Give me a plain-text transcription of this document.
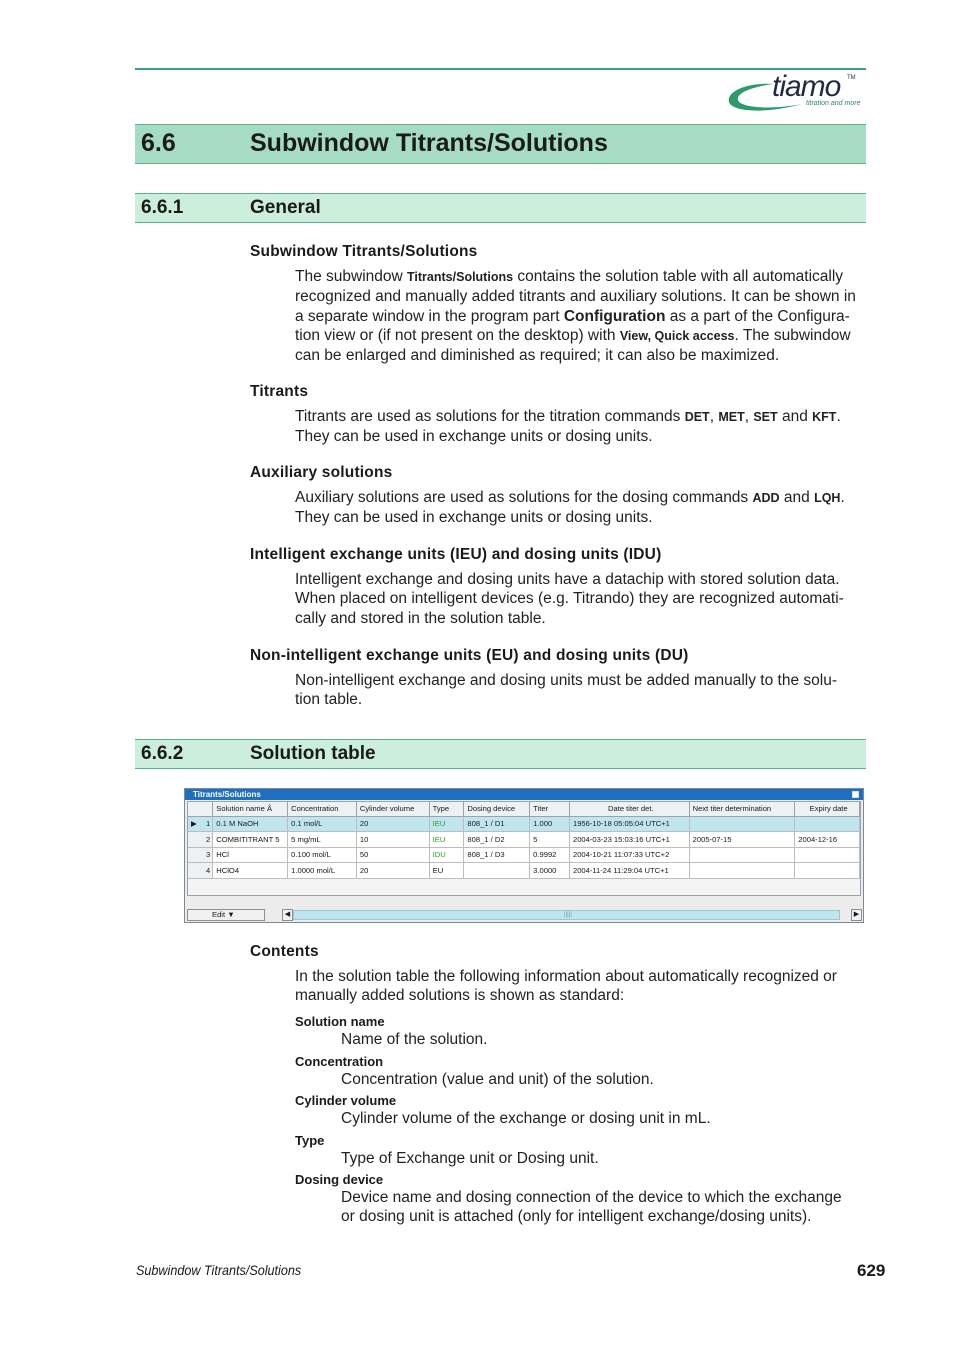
tiamo TM
titration and more
6.6	Subwindow Titrants/Solutions
6.6.1	General
Subwindow Titrants/Solutions
The subwindow Titrants/Solutions contains the solution table with all automatically
recognized and manually added titrants and auxiliary solutions. It can be shown in
a separate window in the program part Configuration as a part of the Configura-
tion view or (if not present on the desktop) with View, Quick access. The subwindow
can be enlarged and diminished as required; it can also be maximized.
Titrants
Titrants are used as solutions for the titration commands DET, MET, SET and KFT.
They can be used in exchange units or dosing units.
Auxiliary solutions
Auxiliary solutions are used as solutions for the dosing commands ADD and LQH.
They can be used in exchange units or dosing units.
Intelligent exchange units (IEU) and dosing units (IDU)
Intelligent exchange and dosing units have a datachip with stored solution data.
When placed on intelligent devices (e.g. Titrando) they are recognized automati-
cally and stored in the solution table.
Non-intelligent exchange units (EU) and dosing units (DU)
Non-intelligent exchange and dosing units must be added manually to the solu-
tion table.
6.6.2	Solution table
Titrants/Solutions
	Solution name Â	Concentration	Cylinder volume	Type	Dosing device	Titer	Date titer det.	Next titer determination	Expiry date

▶ 1	0.1 M NaOH	0.1 mol/L	20	IEU	808_1 / D1	1.000	1956-10-18 05:05:04 UTC+1		

2	COMBITITRANT 5	5 mg/mL	10	IEU	808_1 / D2	5	2004-03-23 15:03:16 UTC+1	2005-07-15	2004-12-16

3	HCl	0.100 mol/L	50	IDU	808_1 / D3	0.9992	2004-10-21 11:07:33 UTC+2		

4	HClO4	1.0000 mol/L	20	EU		3.0000	2004-11-24 11:29:04 UTC+1		

Edit ▼	◀	|||||	▶
Contents
In the solution table the following information about automatically recognized or
manually added solutions is shown as standard:
Solution name
Name of the solution.
Concentration
Concentration (value and unit) of the solution.
Cylinder volume
Cylinder volume of the exchange or dosing unit in mL.
Type
Type of Exchange unit or Dosing unit.
Dosing device
Device name and dosing connection of the device to which the exchange
or dosing unit is attached (only for intelligent exchange/dosing units).
Subwindow Titrants/Solutions	629
